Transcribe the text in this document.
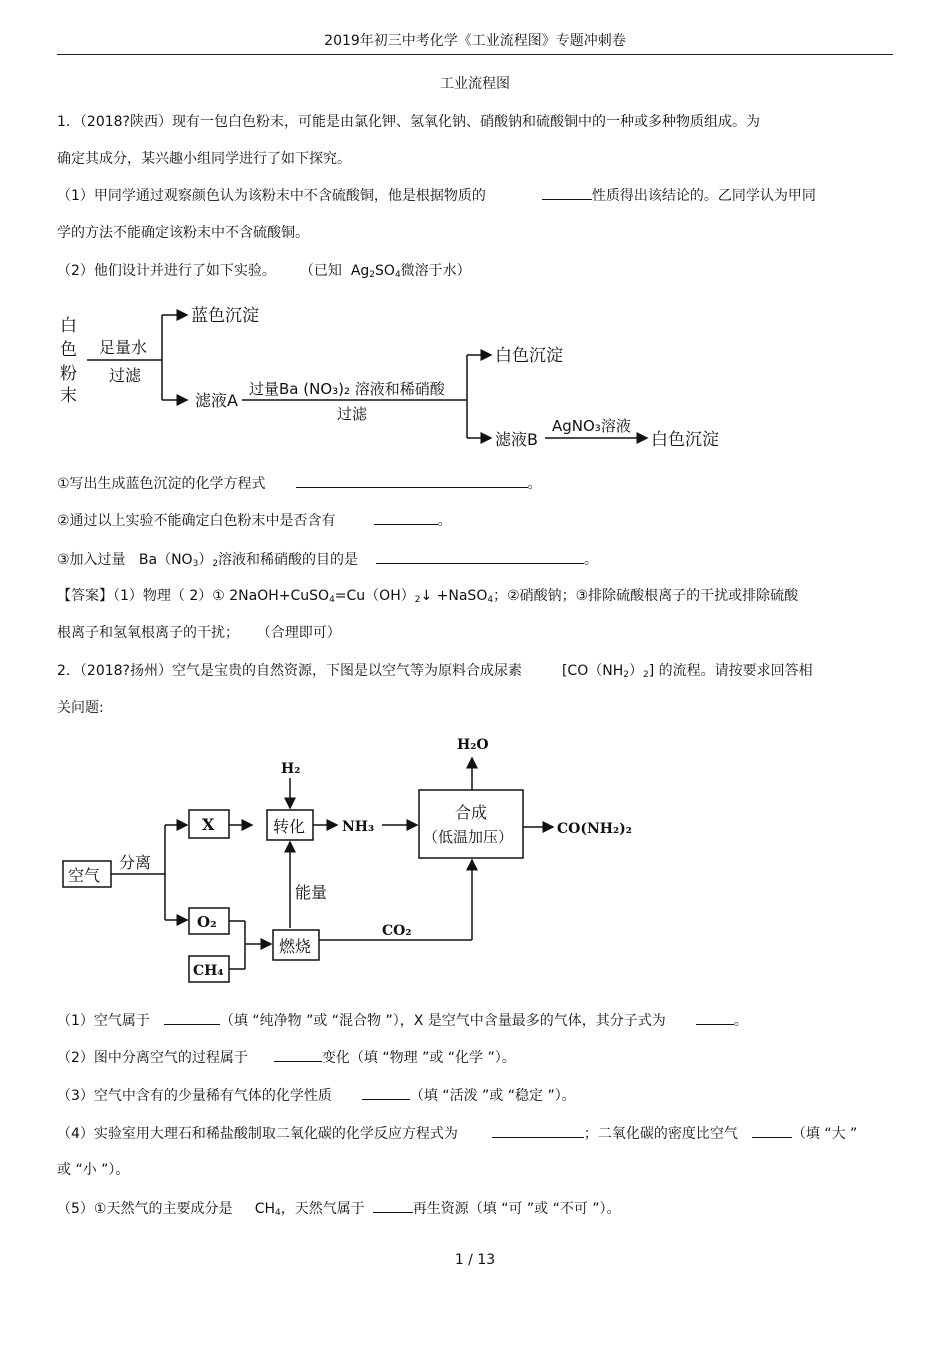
2019年初三中考化学《工业流程图》专题冲刺卷
工业流程图
1．（2018?陕西）现有一包白色粉末，可能是由氯化钾、氢氧化钠、硝酸钠和硫酸铜中的一种或多种物质组成。为
确定其成分，某兴趣小组同学进行了如下探究。
（1）甲同学通过观察颜色认为该粉末中不含硫酸铜，他是根据物质的	性质得出该结论的。乙同学认为甲同
学的方法不能确定该粉末中不含硫酸铜。
（2）他们设计并进行了如下实验。 （已知  $Ag_2SO_4$微溶于水）
白
色
粉
末
足量水
过滤
蓝色沉淀
滤液A
过量Ba (NO₃)₂ 溶液和稀硝酸
过滤
白色沉淀
滤液B
AgNO₃溶液
白色沉淀
①写出生成蓝色沉淀的化学方程式	。
②通过以上实验不能确定白色粉末中是否含有	。
③加入过量   $Ba(NO_3)_2$溶液和稀硝酸的目的是	。
【答案】（1）物理（ 2）① $2NaOH+CuSO_4=Cu(OH)_2↓$ +NaSO$_4$；②硝酸钠；③排除硫酸根离子的干扰或排除硫酸
根离子和氢氧根离子的干扰；    （合理即可）
2．（2018?扬州）空气是宝贵的自然资源，下图是以空气等为原料合成尿素	$[CO(NH_2)_2]$ 的流程。请按要求回答相
关问题:
空气
分离
X
O₂
CH₄
H₂
转化	NH₃
能量
燃烧
CO₂
合成
（低温加压）
H₂O
CO(NH₂)₂
（1）空气属于	（填 “纯净物 ”或 “混合物 ”），X 是空气中含量最多的气体，其分子式为	。
（2）图中分离空气的过程属于	变化（填 “物理 ”或 “化学 ”）。
（3）空气中含有的少量稀有气体的化学性质	（填 “活泼 ”或 “稳定 ”）。
（4）实验室用大理石和稀盐酸制取二氧化碳的化学反应方程式为	；二氧化碳的密度比空气	（填 “大 ”
或 “小 ”）。
（5）①天然气的主要成分是     $CH_4$，天然气属于	再生资源（填 “可 ”或 “不可 ”）。
1 / 13
